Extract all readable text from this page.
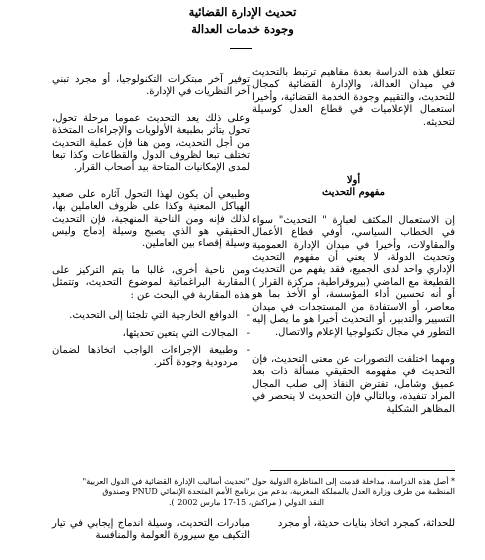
تحديث الإدارة القضائية
وجودة خدمات العدالة

تتعلق هذه الدراسة بعدة مفاهيم ترتبط بالتحديث في ميدان العدالة، والإدارة القضائية كمجال للتحديث، والتقييم وجودة الخدمة القضائية، وأخيرا استعمال الإعلاميات في قطاع العدل كوسيلة لتحديثه.

أولا

مفهوم التحديث

إن الاستعمال المكثف لعبارة " التحديث" سواء في الخطاب السياسي، أوفي قطاع الأعمال والمقاولات، وأخيرا في ميدان الإدارة العمومية وتحديث الدولة، لا يعني أن مفهوم التحديث الإداري واحد لدى الجميع، فقد يفهم من التحديث القطيعة مع الماضي (بيروقراطية، مركزة القرار ) أو أنه تحسين أداء المؤسسة، أو الأخذ بما هو معاصر، أو الاستفادة من المستجدات في ميدان التسيير والتدبير، أو التحديث أخيرا هو ما يصل إليه التطور في مجال تكنولوجيا الإعلام والاتصال.

ومهما اختلفت التصورات عن معنى التحديث، فإن التحديث في مفهومه الحقيقي مسألة ذات بعد عميق وشامل، تفترض النفاذ إلى صلب المجال المراد تنفيذه، وبالتالي فإن التحديث لا ينحصر في المظاهر الشكلية

توفير آخر مبتكرات التكنولوجيا، أو مجرد تبني آخر النظريات في الإدارة.

وعلى ذلك يعد التحديث عموما مرحلة تحول، تحول يتأثر بطبيعة الأولويات والإجراءات المتخذة من أجل التحديث، ومن هنا فإن عملية التحديث تختلف تبعا لظروف الدول والقطاعات وكذا تبعا لمدى الإمكانيات المتاحة بيد أصحاب القرار.

وطبيعي أن يكون لهذا التحول آثاره على صعيد الهياكل المعنية وكذا على ظروف العاملين بها، لذلك فإنه ومن الناحية المنهجية، فإن التحديث الحقيقي هو الذي يصبح وسيلة إدماج وليس وسيلة إقصاء بين العاملين.

ومن ناحية أخرى، غالبا ما يتم التركيز على المقاربة البراغماتية لموضوع التحديث، وتتمثل هذه المقاربة في البحث عن :

- الدوافع الخارجية التي تلجئنا إلى التحديث.
- المجالات التي يتعين تحديثها،
- وطبيعة الإجراءات الواجب اتخاذها لضمان مردودية وجودة أكثر.

* أصل هذه الدراسة، مداخلة قدمت إلى المناظرة الدولية حول "تحديث أساليب الإدارة القضائية في الدول العربية"

المنظمة من طرف وزارة العدل بالمملكة المغربية، بدعم من برنامج الأمم المتحدة الإنمائي PNUD وصندوق

النقد الدولي ( مراكش، 15-17 مارس 2002 ).

للحداثة، كمجرد اتخاذ بنايات حديثة، أو مجرد
مبادرات التحديث، وسيلة اندماج إيجابي في تيار التكيف مع سيرورة العولمة والمنافسة
